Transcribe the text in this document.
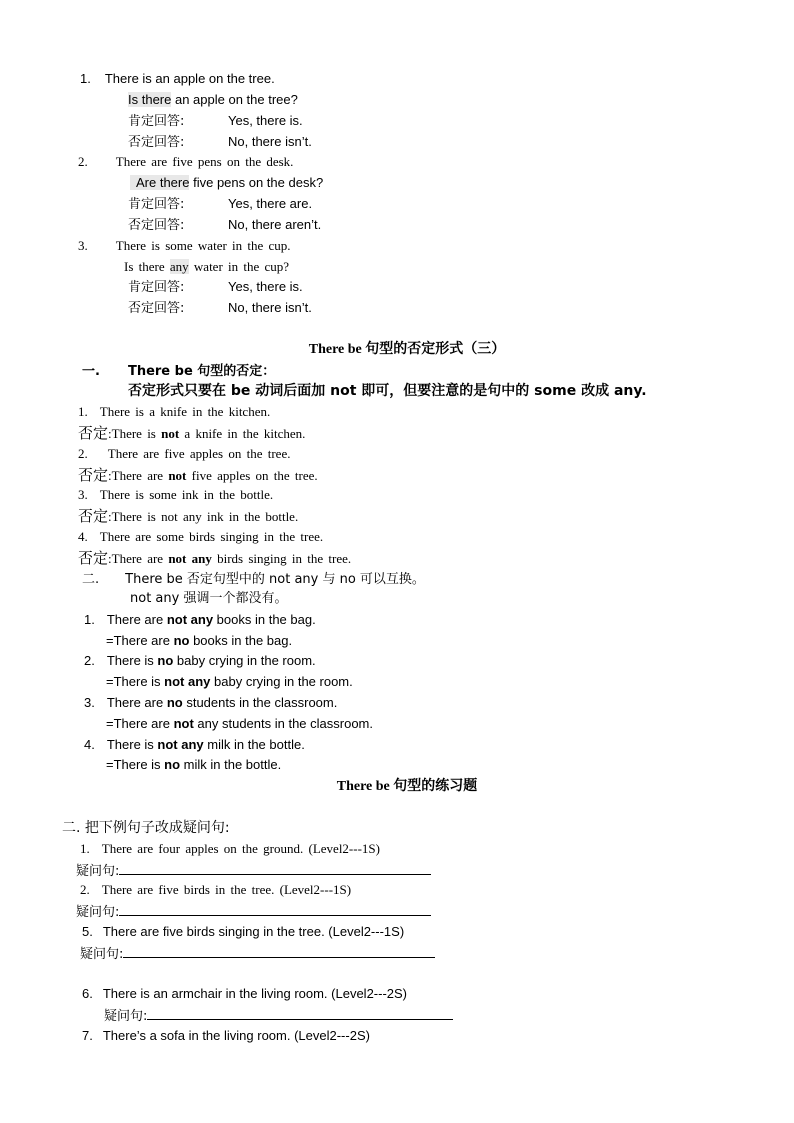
1. There is an apple on the tree.
Is there an apple on the tree?
肯定回答:	Yes, there is.
否定回答:	No, there isn’t.
2. There are five pens on the desk.
Are there five pens on the desk?
肯定回答:	Yes, there are.
否定回答:	No, there aren’t.
3. There is some water in the cup.
Is there any water in the cup?
肯定回答:	Yes, there is.
否定回答:	No, there isn’t.
There be 句型的否定形式（三）
一. There be 句型的否定：
否定形式只要在 be 动词后面加 not 即可，但要注意的是句中的 some 改成 any.
1. There is a knife in the kitchen.
否定:There is not a knife in the kitchen.
2. There are five apples on the tree.
否定:There are not five apples on the tree.
3. There is some ink in the bottle.
否定:There is not any ink in the bottle.
4. There are some birds singing in the tree.
否定:There are not any birds singing in the tree.
二. There be 否定句型中的 not any 与 no 可以互换。
not any 强调一个都没有。
1. There are not any books in the bag.
=There are no books in the bag.
2. There is no baby crying in the room.
=There is not any baby crying in the room.
3. There are no students in the classroom.
=There are not any students in the classroom.
4. There is not any milk in the bottle.
=There is no milk in the bottle.
There be 句型的练习题
二. 把下例句子改成疑问句:
1. There are four apples on the ground. (Level2---1S)
疑问句:
2. There are five birds in the tree. (Level2---1S)
疑问句:
5. There are five birds singing in the tree. (Level2---1S)
疑问句:
6. There is an armchair in the living room. (Level2---2S)
疑问句:
7. There’s a sofa in the living room. (Level2---2S)
